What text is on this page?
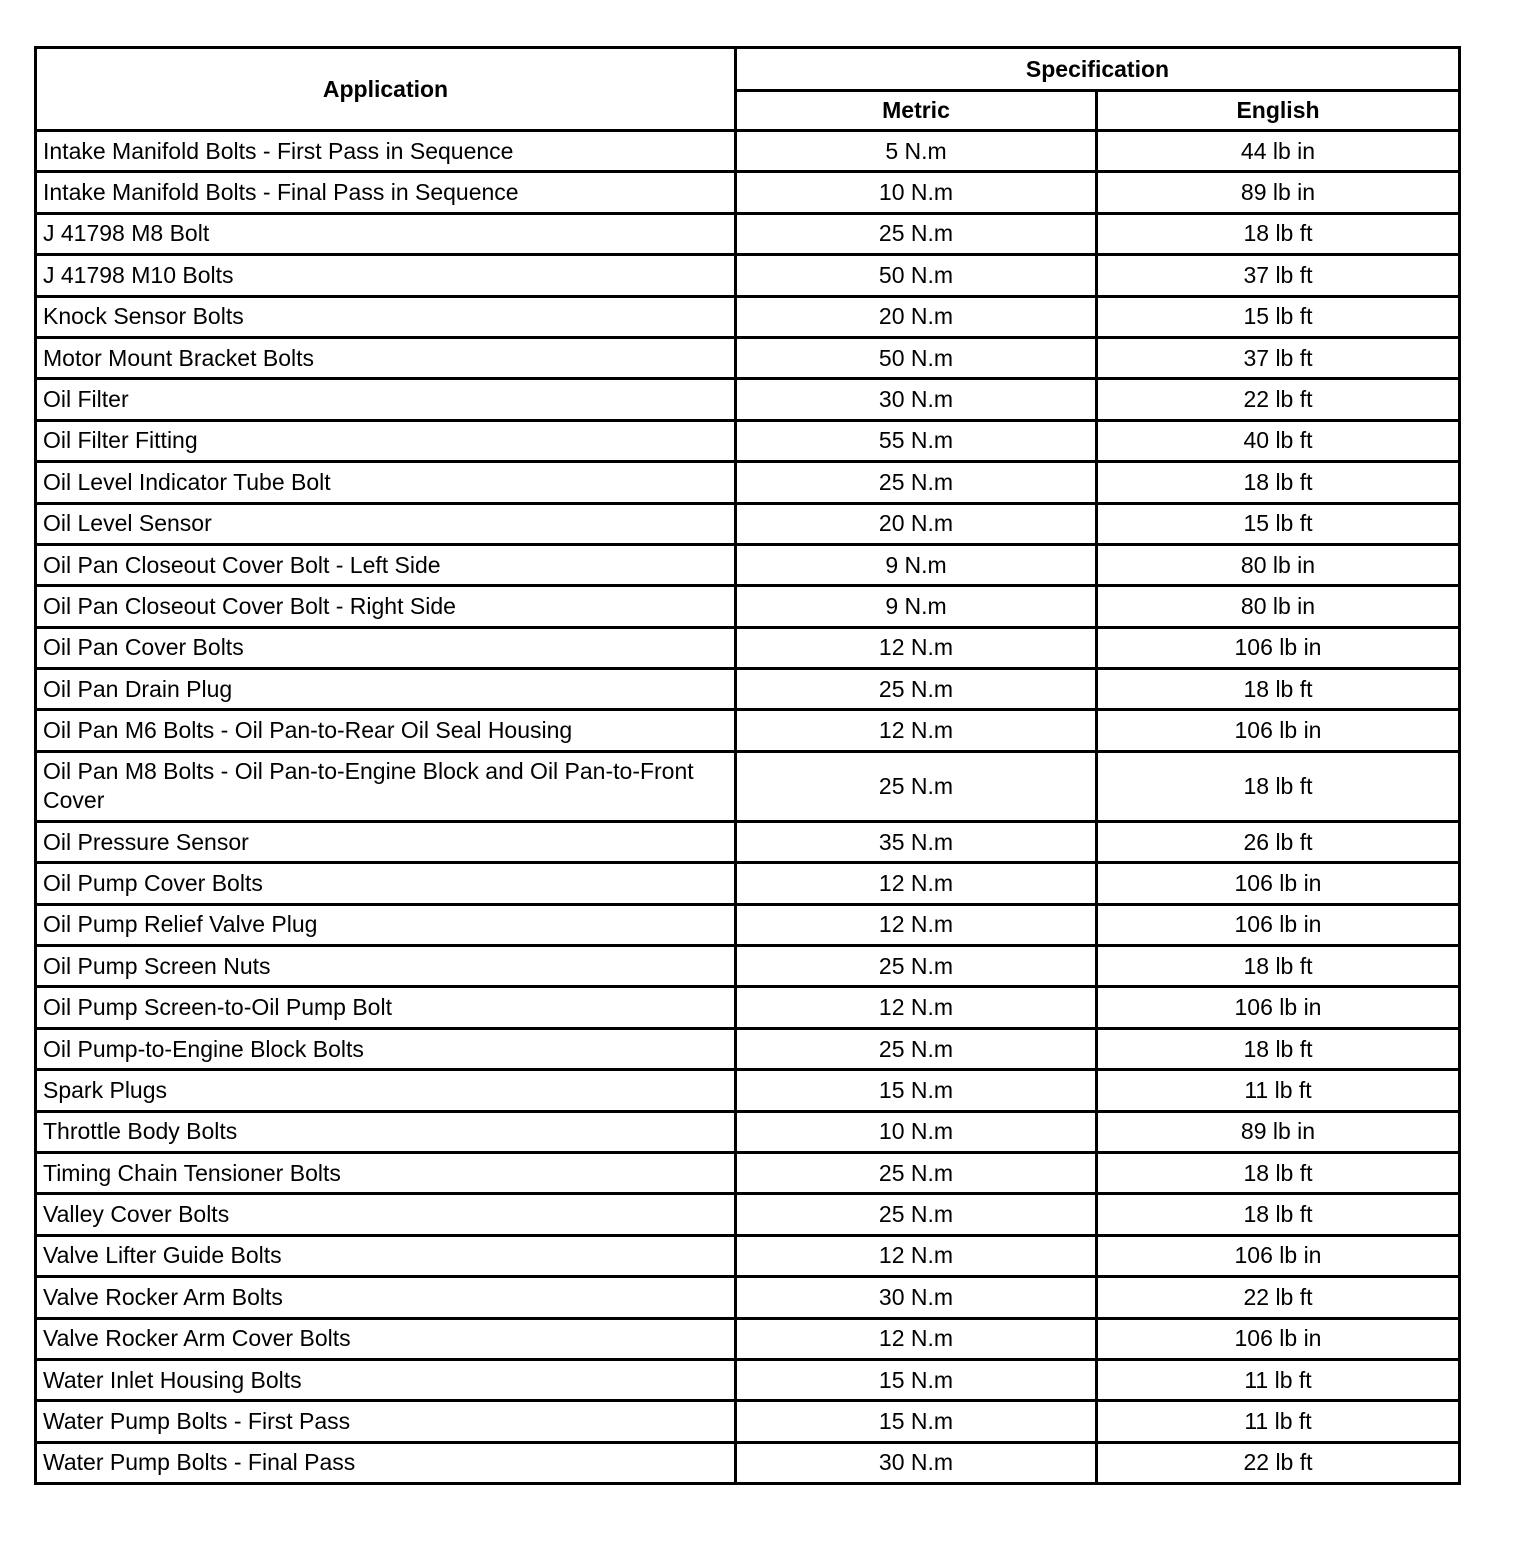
Application	Specification	
	Metric	English
Intake Manifold Bolts - First Pass in Sequence	5 N.m	44 lb in
Intake Manifold Bolts - Final Pass in Sequence	10 N.m	89 lb in
J 41798 M8 Bolt	25 N.m	18 lb ft
J 41798 M10 Bolts	50 N.m	37 lb ft
Knock Sensor Bolts	20 N.m	15 lb ft
Motor Mount Bracket Bolts	50 N.m	37 lb ft
Oil Filter	30 N.m	22 lb ft
Oil Filter Fitting	55 N.m	40 lb ft
Oil Level Indicator Tube Bolt	25 N.m	18 lb ft
Oil Level Sensor	20 N.m	15 lb ft
Oil Pan Closeout Cover Bolt - Left Side	9 N.m	80 lb in
Oil Pan Closeout Cover Bolt - Right Side	9 N.m	80 lb in
Oil Pan Cover Bolts	12 N.m	106 lb in
Oil Pan Drain Plug	25 N.m	18 lb ft
Oil Pan M6 Bolts - Oil Pan-to-Rear Oil Seal Housing	12 N.m	106 lb in
Oil Pan M8 Bolts - Oil Pan-to-Engine Block and Oil Pan-to-Front Cover	25 N.m	18 lb ft
Oil Pressure Sensor	35 N.m	26 lb ft
Oil Pump Cover Bolts	12 N.m	106 lb in
Oil Pump Relief Valve Plug	12 N.m	106 lb in
Oil Pump Screen Nuts	25 N.m	18 lb ft
Oil Pump Screen-to-Oil Pump Bolt	12 N.m	106 lb in
Oil Pump-to-Engine Block Bolts	25 N.m	18 lb ft
Spark Plugs	15 N.m	11 lb ft
Throttle Body Bolts	10 N.m	89 lb in
Timing Chain Tensioner Bolts	25 N.m	18 lb ft
Valley Cover Bolts	25 N.m	18 lb ft
Valve Lifter Guide Bolts	12 N.m	106 lb in
Valve Rocker Arm Bolts	30 N.m	22 lb ft
Valve Rocker Arm Cover Bolts	12 N.m	106 lb in
Water Inlet Housing Bolts	15 N.m	11 lb ft
Water Pump Bolts - First Pass	15 N.m	11 lb ft
Water Pump Bolts - Final Pass	30 N.m	22 lb ft
